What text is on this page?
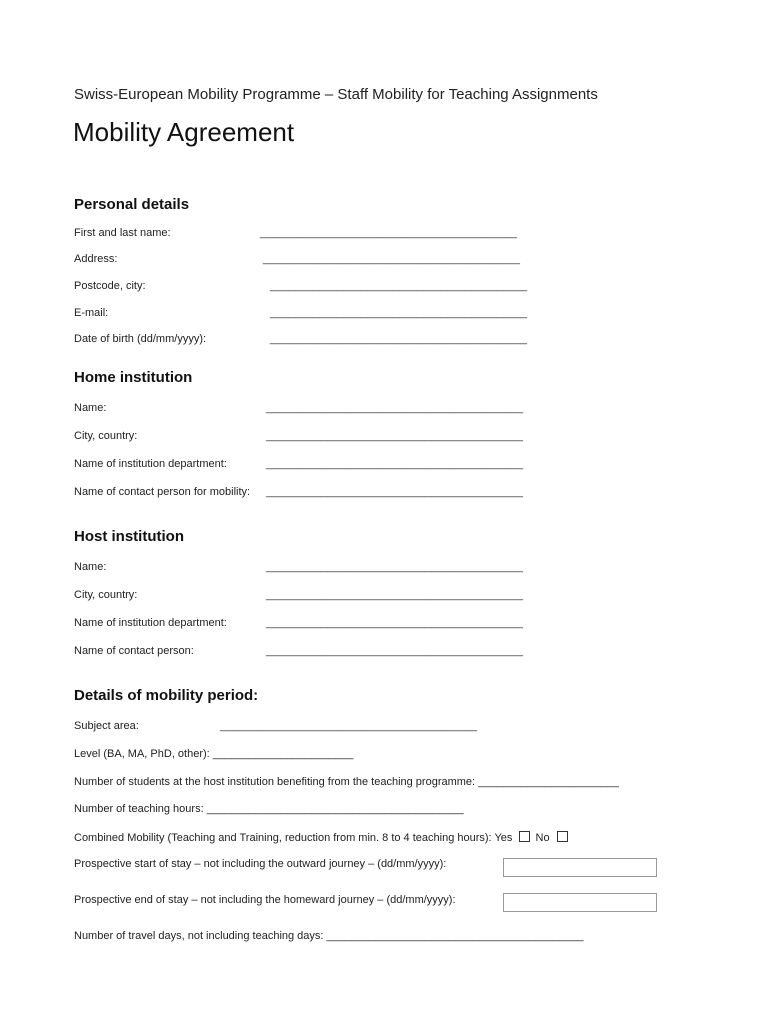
Swiss-European Mobility Programme – Staff Mobility for Teaching Assignments
Mobility Agreement
Personal details
First and last name:	__________________________________________
Address:	__________________________________________
Postcode, city:	__________________________________________
E-mail:	__________________________________________
Date of birth (dd/mm/yyyy):	__________________________________________
Home institution
Name:	__________________________________________
City, country:	__________________________________________
Name of institution department:	__________________________________________
Name of contact person for mobility: __________________________________________
Host institution
Name:	__________________________________________
City, country:	__________________________________________
Name of institution department:	__________________________________________
Name of contact person:	__________________________________________
Details of mobility period:
Subject area:	__________________________________________
Level (BA, MA, PhD, other): _______________________
Number of students at the host institution benefiting from the teaching programme: _______________________
Number of teaching hours: __________________________________________
Combined Mobility (Teaching and Training, reduction from min. 8 to 4 teaching hours): Yes No
Prospective start of stay – not including the outward journey – (dd/mm/yyyy):
Prospective end of stay – not including the homeward journey – (dd/mm/yyyy):
Number of travel days, not including teaching days: __________________________________________
